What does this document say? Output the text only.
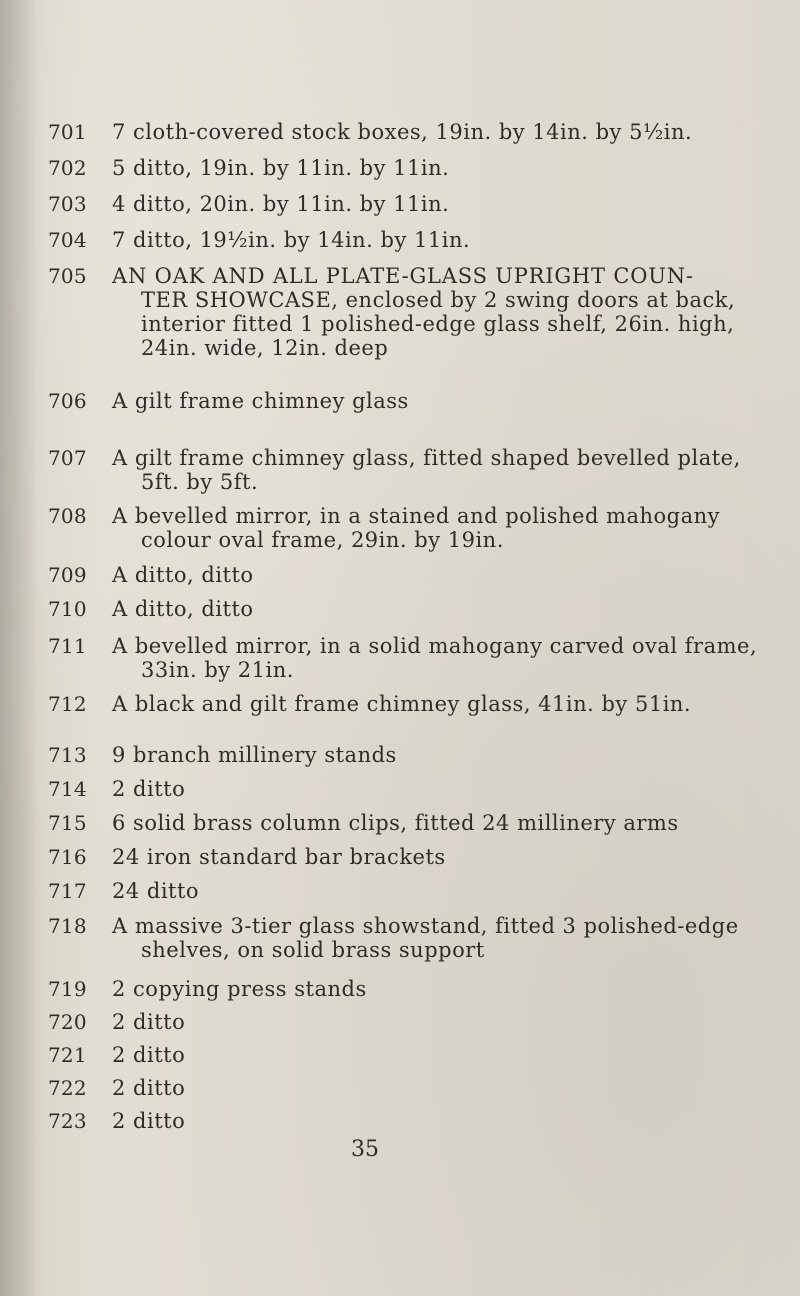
701	7 cloth-covered stock boxes, 19in. by 14in. by 5½in.
702	5 ditto, 19in. by 11in. by 11in.
703	4 ditto, 20in. by 11in. by 11in.
704	7 ditto, 19½in. by 14in. by 11in.
705	AN OAK AND ALL PLATE-GLASS UPRIGHT COUN-
TER SHOWCASE, enclosed by 2 swing doors at back,
interior fitted 1 polished-edge glass shelf, 26in. high,
24in. wide, 12in. deep
706	A gilt frame chimney glass
707	A gilt frame chimney glass, fitted shaped bevelled plate,
5ft. by 5ft.
708	A bevelled mirror, in a stained and polished mahogany
colour oval frame, 29in. by 19in.
709	A ditto, ditto
710	A ditto, ditto
711	A bevelled mirror, in a solid mahogany carved oval frame,
33in. by 21in.
712	A black and gilt frame chimney glass, 41in. by 51in.
713	9 branch millinery stands
714	2 ditto
715	6 solid brass column clips, fitted 24 millinery arms
716	24 iron standard bar brackets
717	24 ditto
718	A massive 3-tier glass showstand, fitted 3 polished-edge
shelves, on solid brass support
719	2 copying press stands
720	2 ditto
721	2 ditto
722	2 ditto
723	2 ditto
35
